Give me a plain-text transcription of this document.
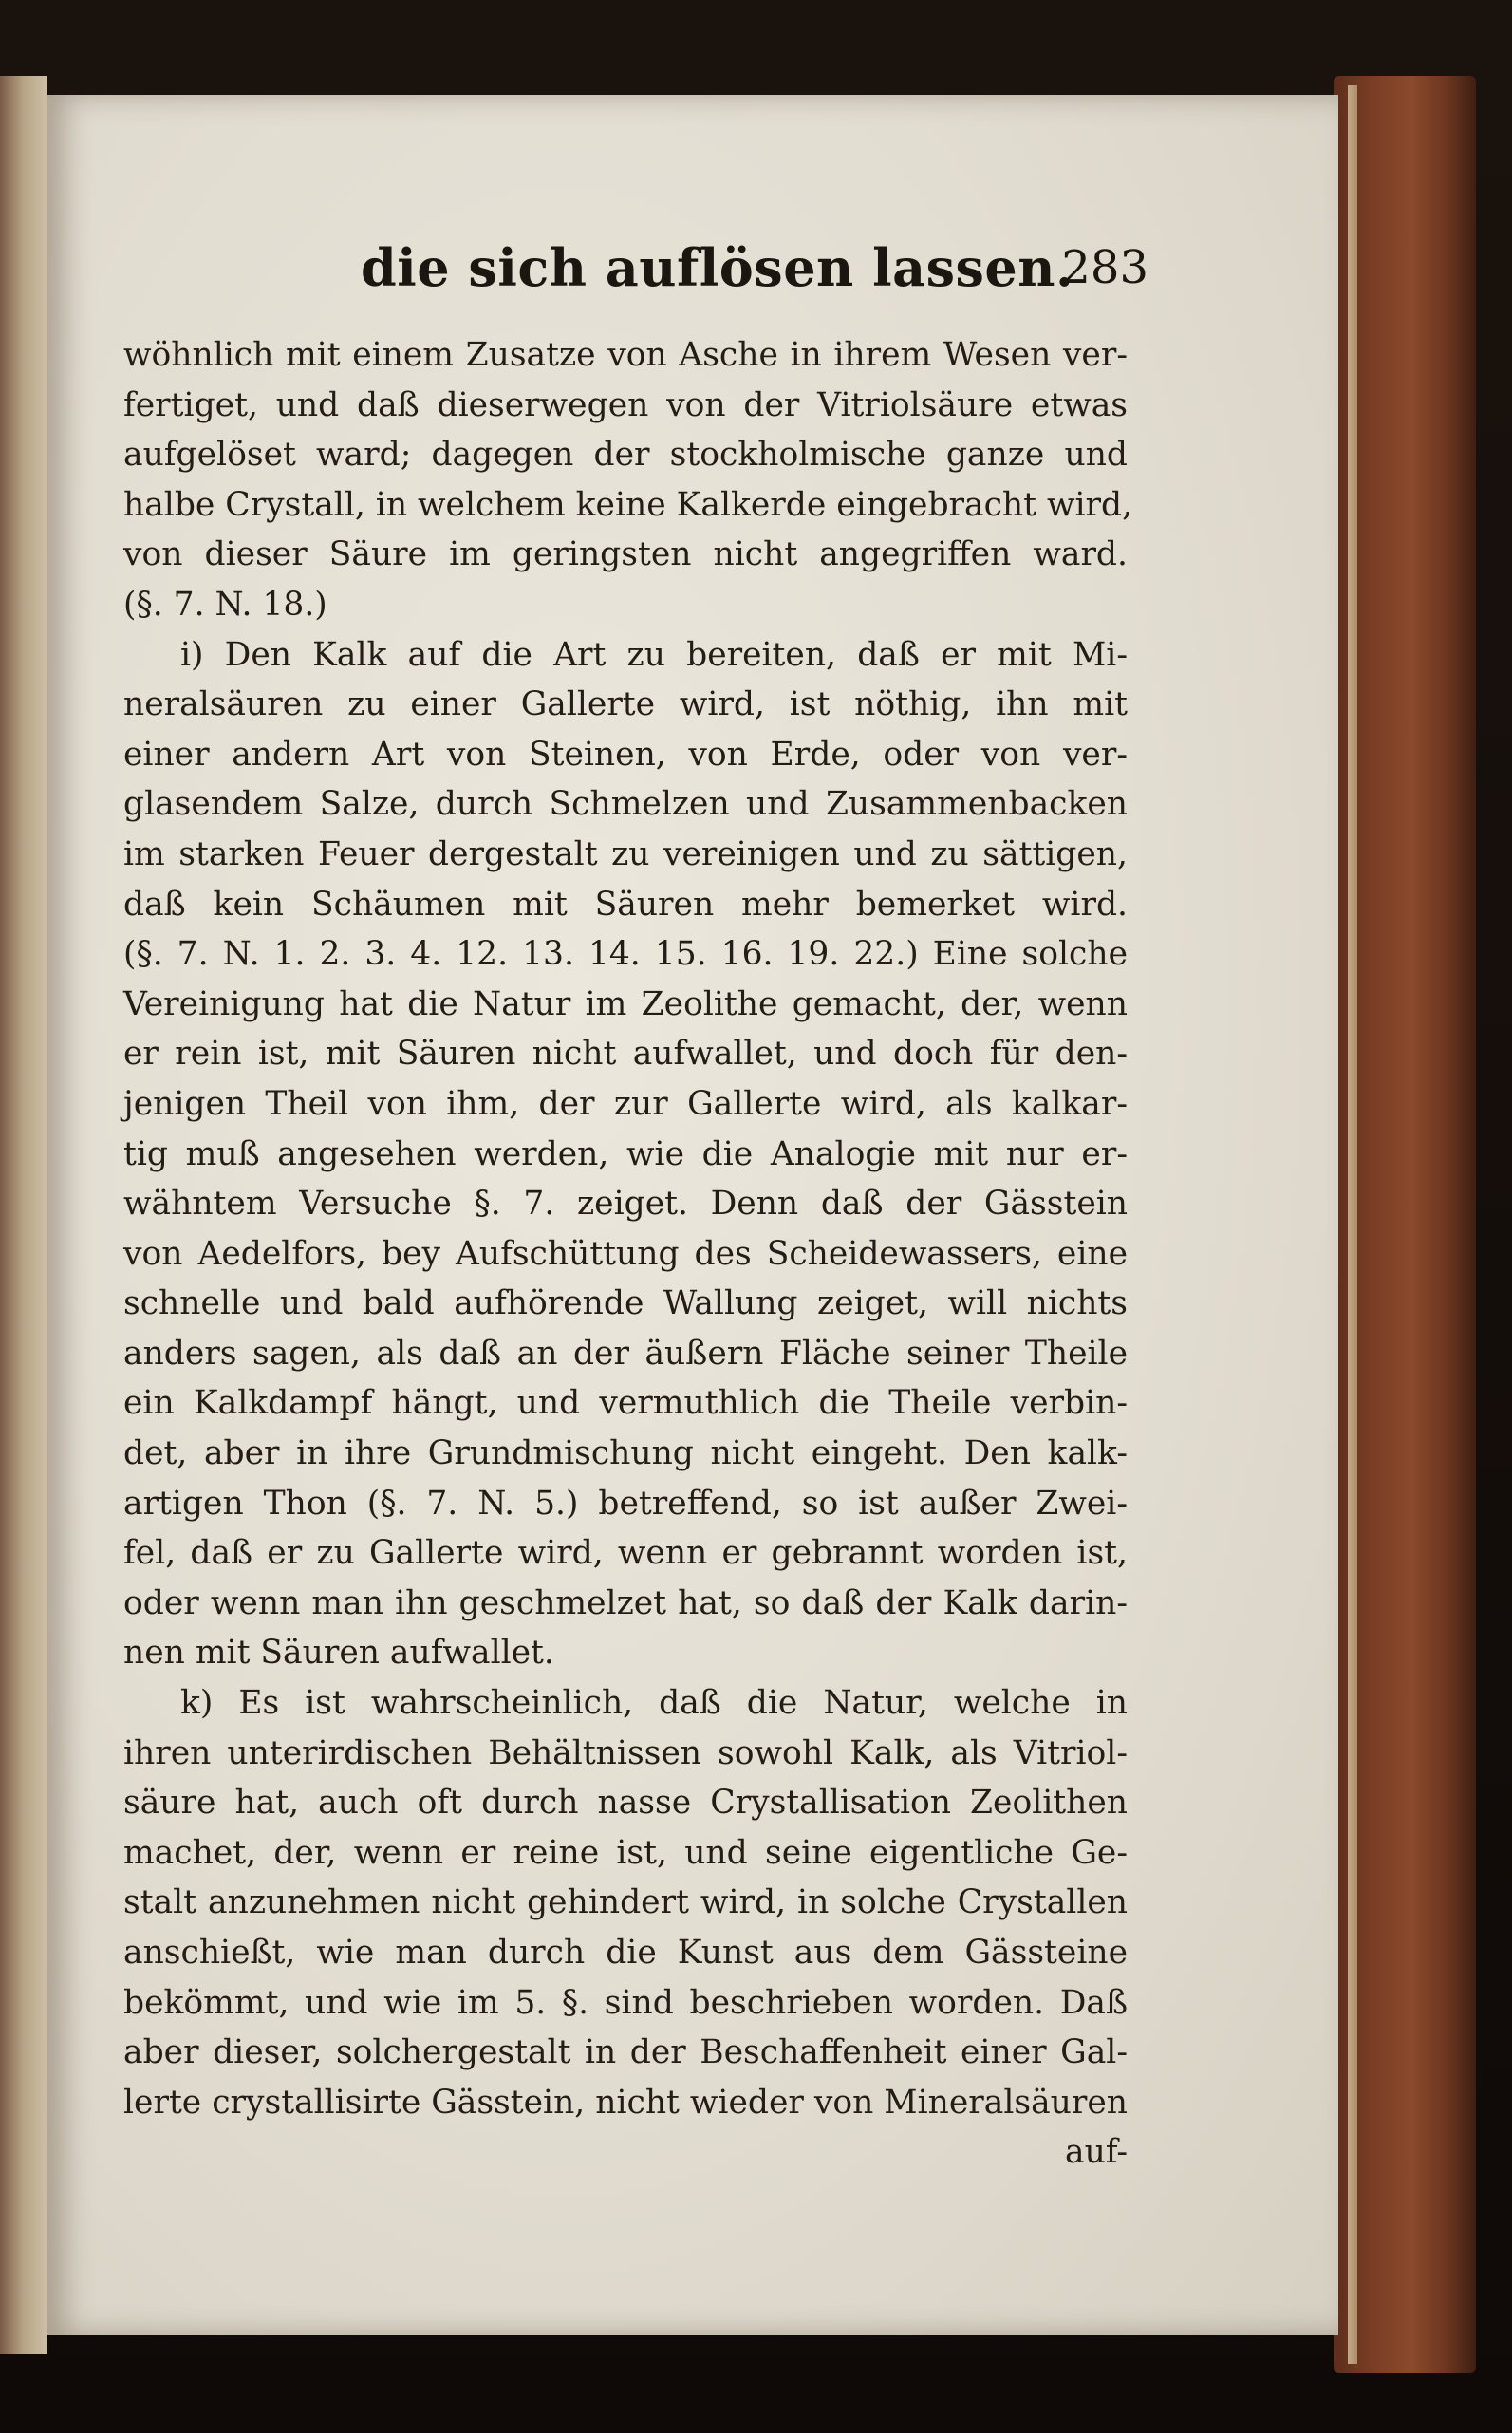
die sich auflösen lassen.
283
wöhnlich mit einem Zusatze von Asche in ihrem Wesen ver-
fertiget, und daß dieserwegen von der Vitriolsäure etwas
aufgelöset ward; dagegen der stockholmische ganze und
halbe Crystall, in welchem keine Kalkerde eingebracht wird,
von dieser Säure im geringsten nicht angegriffen ward.
(§. 7. N. 18.)
i) Den Kalk auf die Art zu bereiten, daß er mit Mi-
neralsäuren zu einer Gallerte wird, ist nöthig, ihn mit
einer andern Art von Steinen, von Erde, oder von ver-
glasendem Salze, durch Schmelzen und Zusammenbacken
im starken Feuer dergestalt zu vereinigen und zu sättigen,
daß kein Schäumen mit Säuren mehr bemerket wird.
(§. 7. N. 1. 2. 3. 4. 12. 13. 14. 15. 16. 19. 22.) Eine solche
Vereinigung hat die Natur im Zeolithe gemacht, der, wenn
er rein ist, mit Säuren nicht aufwallet, und doch für den-
jenigen Theil von ihm, der zur Gallerte wird, als kalkar-
tig muß angesehen werden, wie die Analogie mit nur er-
wähntem Versuche §. 7. zeiget. Denn daß der Gässtein
von Aedelfors, bey Aufschüttung des Scheidewassers, eine
schnelle und bald aufhörende Wallung zeiget, will nichts
anders sagen, als daß an der äußern Fläche seiner Theile
ein Kalkdampf hängt, und vermuthlich die Theile verbin-
det, aber in ihre Grundmischung nicht eingeht. Den kalk-
artigen Thon (§. 7. N. 5.) betreffend, so ist außer Zwei-
fel, daß er zu Gallerte wird, wenn er gebrannt worden ist,
oder wenn man ihn geschmelzet hat, so daß der Kalk darin-
nen mit Säuren aufwallet.
k) Es ist wahrscheinlich, daß die Natur, welche in
ihren unterirdischen Behältnissen sowohl Kalk, als Vitriol-
säure hat, auch oft durch nasse Crystallisation Zeolithen
machet, der, wenn er reine ist, und seine eigentliche Ge-
stalt anzunehmen nicht gehindert wird, in solche Crystallen
anschießt, wie man durch die Kunst aus dem Gässteine
bekömmt, und wie im 5. §. sind beschrieben worden. Daß
aber dieser, solchergestalt in der Beschaffenheit einer Gal-
lerte crystallisirte Gässtein, nicht wieder von Mineralsäuren
auf-
